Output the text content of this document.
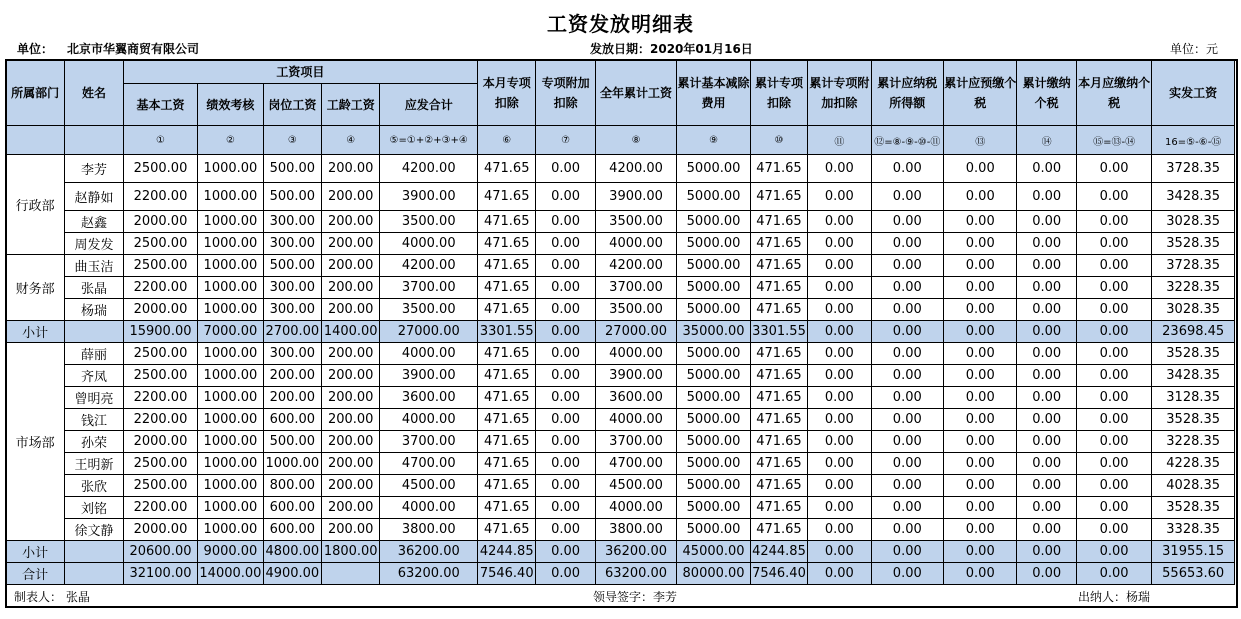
工资发放明细表
单位： 北京市华翼商贸有限公司	发放日期： 2020年01月16日	单位：元
所属部门	姓名	工资项目					本月专项扣除	专项附加扣除	全年累计工资	累计基本减除费用	累计专项扣除	累计专项附加扣除	累计应纳税所得额	累计应预缴个税	累计缴纳个税	本月应缴纳个税	实发工资
		基本工资	绩效考核	岗位工资	工龄工资	应发合计											
		①	②	③	④	⑤=①+②+③+④	⑥	⑦	⑧	⑨	⑩	⑪	⑫=⑧-⑨-⑩-⑪	⑬	⑭	⑮=⑬-⑭	16=⑤-⑥-⑮
行政部	李芳	2500.00	1000.00	500.00	200.00	4200.00	471.65	0.00	4200.00	5000.00	471.65	0.00	0.00	0.00	0.00	0.00	3728.35
	赵静如	2200.00	1000.00	500.00	200.00	3900.00	471.65	0.00	3900.00	5000.00	471.65	0.00	0.00	0.00	0.00	0.00	3428.35
	赵鑫	2000.00	1000.00	300.00	200.00	3500.00	471.65	0.00	3500.00	5000.00	471.65	0.00	0.00	0.00	0.00	0.00	3028.35
	周发发	2500.00	1000.00	300.00	200.00	4000.00	471.65	0.00	4000.00	5000.00	471.65	0.00	0.00	0.00	0.00	0.00	3528.35
财务部	曲玉洁	2500.00	1000.00	500.00	200.00	4200.00	471.65	0.00	4200.00	5000.00	471.65	0.00	0.00	0.00	0.00	0.00	3728.35
	张晶	2200.00	1000.00	300.00	200.00	3700.00	471.65	0.00	3700.00	5000.00	471.65	0.00	0.00	0.00	0.00	0.00	3228.35
	杨瑞	2000.00	1000.00	300.00	200.00	3500.00	471.65	0.00	3500.00	5000.00	471.65	0.00	0.00	0.00	0.00	0.00	3028.35
小计		15900.00	7000.00	2700.00	1400.00	27000.00	3301.55	0.00	27000.00	35000.00	3301.55	0.00	0.00	0.00	0.00	0.00	23698.45
市场部	薛丽	2500.00	1000.00	300.00	200.00	4000.00	471.65	0.00	4000.00	5000.00	471.65	0.00	0.00	0.00	0.00	0.00	3528.35
	齐凤	2500.00	1000.00	200.00	200.00	3900.00	471.65	0.00	3900.00	5000.00	471.65	0.00	0.00	0.00	0.00	0.00	3428.35
	曾明亮	2200.00	1000.00	200.00	200.00	3600.00	471.65	0.00	3600.00	5000.00	471.65	0.00	0.00	0.00	0.00	0.00	3128.35
	钱江	2200.00	1000.00	600.00	200.00	4000.00	471.65	0.00	4000.00	5000.00	471.65	0.00	0.00	0.00	0.00	0.00	3528.35
	孙荣	2000.00	1000.00	500.00	200.00	3700.00	471.65	0.00	3700.00	5000.00	471.65	0.00	0.00	0.00	0.00	0.00	3228.35
	王明新	2500.00	1000.00	1000.00	200.00	4700.00	471.65	0.00	4700.00	5000.00	471.65	0.00	0.00	0.00	0.00	0.00	4228.35
	张欣	2500.00	1000.00	800.00	200.00	4500.00	471.65	0.00	4500.00	5000.00	471.65	0.00	0.00	0.00	0.00	0.00	4028.35
	刘铭	2200.00	1000.00	600.00	200.00	4000.00	471.65	0.00	4000.00	5000.00	471.65	0.00	0.00	0.00	0.00	0.00	3528.35
	徐文静	2000.00	1000.00	600.00	200.00	3800.00	471.65	0.00	3800.00	5000.00	471.65	0.00	0.00	0.00	0.00	0.00	3328.35
小计		20600.00	9000.00	4800.00	1800.00	36200.00	4244.85	0.00	36200.00	45000.00	4244.85	0.00	0.00	0.00	0.00	0.00	31955.15
合计		32100.00	14000.00	4900.00		63200.00	7546.40	0.00	63200.00	80000.00	7546.40	0.00	0.00	0.00	0.00	0.00	55653.60
制表人： 张晶	领导签字：李芳	出纳人：杨瑞
